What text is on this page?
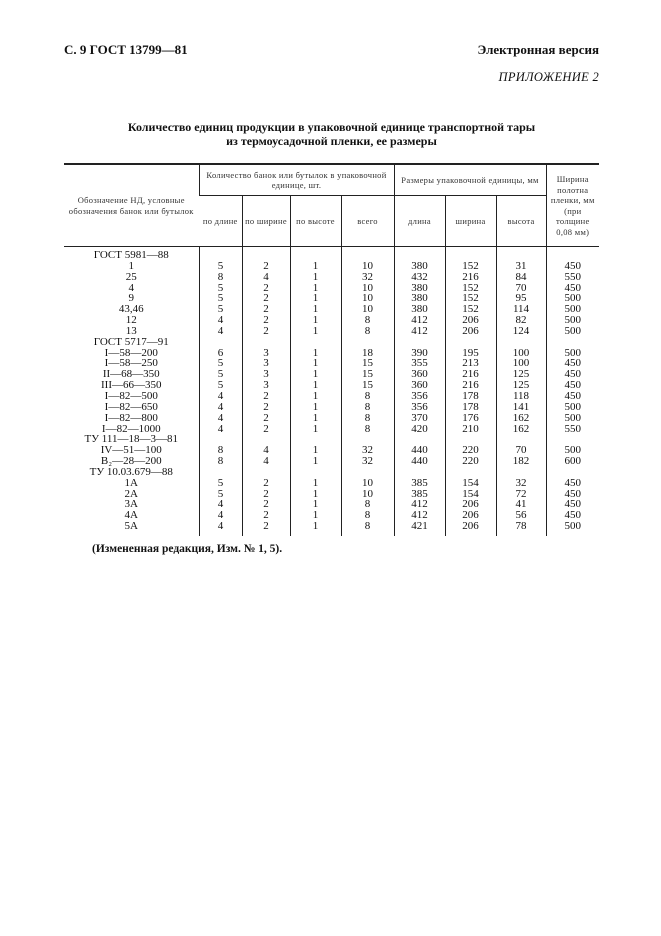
С. 9 ГОСТ 13799—81	Электронная версия
ПРИЛОЖЕНИЕ 2
Количество единиц продукции в упаковочной единице транспортной тары
из термоусадочной пленки, ее размеры
Обозначение НД, условные обозначения банок или бутылок	Количество банок или бутылок в упаковочной единице, шт.				Размеры упаковочной единицы, мм			Ширина полотна пленки, мм (при толщине 0,08 мм)
	по длине	по ширине	по высоте	всего	длина	ширина	высота	
ГОСТ 5981—88								
1	5	2	1	10	380	152	31	450
25	8	4	1	32	432	216	84	550
4	5	2	1	10	380	152	70	450
9	5	2	1	10	380	152	95	500
43,46	5	2	1	10	380	152	114	500
12	4	2	1	8	412	206	82	500
13	4	2	1	8	412	206	124	500
ГОСТ 5717—91								
I—58—200	6	3	1	18	390	195	100	500
I—58—250	5	3	1	15	355	213	100	450
II—68—350	5	3	1	15	360	216	125	450
III—66—350	5	3	1	15	360	216	125	450
I—82—500	4	2	1	8	356	178	118	450
I—82—650	4	2	1	8	356	178	141	500
I—82—800	4	2	1	8	370	176	162	500
I—82—1000	4	2	1	8	420	210	162	550
ТУ 111—18—3—81								
IV—51—100	8	4	1	32	440	220	70	500
В₂—28—200	8	4	1	32	440	220	182	600
ТУ 10.03.679—88								
1А	5	2	1	10	385	154	32	450
2А	5	2	1	10	385	154	72	450
3А	4	2	1	8	412	206	41	450
4А	4	2	1	8	412	206	56	450
5А	4	2	1	8	421	206	78	500
(Измененная редакция, Изм. № 1, 5).
